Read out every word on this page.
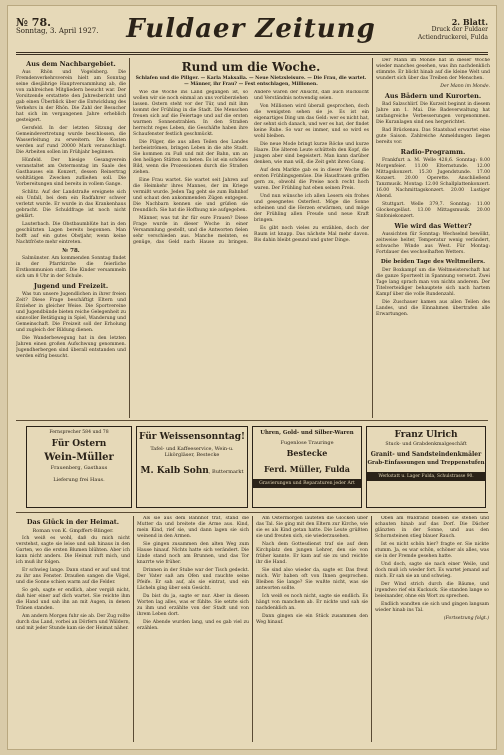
№ 78.
Sonntag, 3. April 1927.	Fuldaer Zeitung	2. Blatt.
Druck der Fuldaer Actiendruckerei, Fulda
Aus dem Nachbargebiet.

Aus Rhön und Vogelsberg. Die Fremdenverkehrsverein hielt am Sonntag seine diesjährige Hauptversammlung ab, die von zahlreichen Mitgliedern besucht war. Der Vorsitzende erstattete den Jahresbericht und gab einen Überblick über die Entwicklung des Verkehrs in der Rhön. Die Zahl der Besucher hat sich im vergangenen Jahre erheblich gesteigert.

Gersfeld. In der letzten Sitzung der Gemeindevertretung wurde beschlossen, die Wasserleitung zu erweitern. Die Kosten werden auf rund 20000 Mark veranschlagt. Die Arbeiten sollen im Frühjahr beginnen.

Hünfeld. Der hiesige Gesangverein veranstaltet am Ostermontag im Saale des Gasthauses ein Konzert, dessen Reinertrag wohltätigen Zwecken zufließen soll. Die Vorbereitungen sind bereits in vollem Gange.

Schlitz. Auf der Landstraße ereignete sich ein Unfall, bei dem ein Radfahrer schwer verletzt wurde. Er wurde in das Krankenhaus gebracht. Die Schuldfrage ist noch nicht geklärt.

Lauterbach. Die Obstbaumblüte hat in den geschützten Lagen bereits begonnen. Man hofft auf ein gutes Obstjahr, wenn keine Nachtfröste mehr eintreten.

№ 78.

Salmünster. Am kommenden Sonntag findet in der Pfarrkirche die feierliche Erstkommunion statt. Die Kinder versammeln sich um 8 Uhr in der Schule.

Jugend und Freizeit.

Was tun unsere Jugendlichen in ihrer freien Zeit? Diese Frage beschäftigt Eltern und Erzieher in gleicher Weise. Die Sportvereine und Jugendbünde bieten reiche Gelegenheit zu sinnvoller Betätigung in Spiel, Wanderung und Gemeinschaft. Die Freizeit soll der Erholung und zugleich der Bildung dienen.

Die Wanderbewegung hat in den letzten Jahren einen großen Aufschwung genommen. Jugendherbergen sind überall entstanden und werden eifrig besucht.

Rund um die Woche.
Schlafen und die Pillger. — Karla Maksalla. — Neue Nietzsleisure. — Die Frau, die wartet. — Männer, ihr Frau? — Fest entschlagen, Millionen.

Wie die Woche ins Land gegangen ist, so wollen wir sie noch einmal an uns vorüberziehen lassen. Ostern steht vor der Tür, und mit ihm kommt der Frühling in die Stadt. Die Menschen freuen sich auf die Feiertage und auf die ersten warmen Sonnenstrahlen. In den Straßen herrscht reges Leben, die Geschäfte haben ihre Schaufenster festlich geschmückt.

Die Pilger, die aus allen Teilen des Landes herbeiströmen, bringen Leben in die alte Stadt. Sie kommen zu Fuß und mit der Bahn, um an den heiligen Stätten zu beten. Es ist ein schönes Bild, wenn die Prozessionen durch die Straßen ziehen.

Eine Frau wartet. Sie wartet seit Jahren auf die Heimkehr ihres Mannes, der im Kriege vermißt wurde. Jeden Tag geht sie zum Bahnhof und schaut den ankommenden Zügen entgegen. Die Nachbarn kennen sie und grüßen sie freundlich. Sie hat die Hoffnung nie aufgegeben.

Männer, was tut ihr für eure Frauen? Diese Frage wurde in dieser Woche in einer Versammlung gestellt, und die Antworten fielen sehr verschieden aus. Manche meinten, es genüge, das Geld nach Hause zu bringen. Andere waren der Ansicht, daß auch Rücksicht und Verständnis notwendig seien.

Von Millionen wird überall gesprochen, doch die wenigsten sehen sie je. Es ist ein eigenartiges Ding um das Geld: wer es nicht hat, der sehnt sich danach, und wer es hat, der findet keine Ruhe. So war es immer, und so wird es wohl bleiben.

Die neue Mode bringt kurze Röcke und kurze Haare. Die älteren Leute schütteln den Kopf, die jungen aber sind begeistert. Man kann darüber denken, wie man will, die Zeit geht ihren Gang.

Auf dem Markte gab es in dieser Woche die ersten Frühlingsgemüse. Die Hausfrauen griffen gern zu, obwohl die Preise noch recht hoch waren. Der Frühling hat eben seinen Preis.

Und nun wünsche ich allen Lesern ein frohes und gesegnetes Osterfest. Möge die Sonne scheinen und die Herzen erwärmen, und möge der Frühling allen Freude und neue Kraft bringen.

Es gibt noch vieles zu erzählen, doch der Raum ist knapp. Das nächste Mal mehr davon. Bis dahin bleibt gesund und guter Dinge.

Der Mann im Monde hat in dieser Woche wieder manches gesehen, was ihn nachdenklich stimmte. Er blickt hinab auf die kleine Welt und wundert sich über das Treiben der Menschen.

Der Mann im Monde.
Aus Bädern und Kurorten.

Bad Salzschlirf. Die Kurzeit beginnt in diesem Jahre am 1. Mai. Die Badeverwaltung hat umfangreiche Verbesserungen vorgenommen. Die Kuranlagen sind neu hergerichtet.

Bad Brückenau. Das Staatsbad erwartet eine gute Saison. Zahlreiche Anmeldungen liegen bereits vor.

Radio-Programm.

Frankfurt a. M. Welle 428,6. Sonntag: 8.00 Morgenfeier. 11.00 Elternstunde. 12.00 Mittagskonzert. 15.30 Jugendstunde. 17.00 Konzert. 20.00 Operette. Anschließend Tanzmusik. Montag: 12.00 Schallplattenkonzert. 16.00 Nachmittagskonzert. 20.00 Lustiger Abend.

Stuttgart. Welle 379,7. Sonntag: 11.00 Glockengeläut. 13.00 Mittagsmusik. 20.00 Sinfoniekonzert.

Wie wird das Wetter?

Aussichten für Sonntag: Wechselnd bewölkt, zeitweise heiter, Temperatur wenig verändert, schwache Winde aus West. Für Montag: Fortdauer des wechselhaften Wetters.

Die beiden Tage des Weltmeilers.

Der Boxkampf um die Weltmeisterschaft hat die ganze Sportwelt in Spannung versetzt. Zwei Tage lang sprach man von nichts anderem. Der Titelverteidiger behauptete sich nach hartem Kampf über die volle Rundenzahl.

Die Zuschauer kamen aus allen Teilen des Landes, und die Einnahmen übertrafen alle Erwartungen.

Fernsprecher 584 und 78
Für Ostern
Wein-Müller
Frauenberg, Gasthaus
Lieferung frei Haus.
Für Weissensonntag!
Tafel- und Kaffeeservice, Wein-u. Likörgläser, Bestecke
M. Kalb Sohn, Buttermarkt
Uhren, Gold- und Silber-Waren
Fugenlose Trauringe
Bestecke
Ferd. Müller, Fulda
Gravierungen und Reparaturen jeder Art
Franz Ulrich
Stuck- und Grabdenkmalgeschäft
Granit- und Sandsteindenkmäler
Grab-Einfassungen und Treppenstufen
Werkstatt u. Lager Fulda, Schulstrasse 90.
Das Glück in der Heimat.
Roman von K. Gmpffert-Blinger.

Ich weiß es wohl, daß du mich nicht verstehst, sagte sie leise und sah hinaus in den Garten, wo die ersten Blumen blühten. Aber ich kann nicht anders. Die Heimat ruft mich, und ich muß ihr folgen.

Er schwieg lange. Dann stand er auf und trat zu ihr ans Fenster. Draußen sangen die Vögel, und die Sonne schien warm auf die Felder.

So geh, sagte er endlich, aber vergiß nicht, daß hier einer auf dich wartet. Sie reichte ihm die Hand und sah ihn an mit Augen, in denen Tränen standen.

Am andern Morgen fuhr sie ab. Der Zug rollte durch das Land, vorbei an Dörfern und Wäldern, und mit jeder Stunde kam sie der Heimat näher.

Als sie aus dem Bahnhof trat, stand die Mutter da und breitete die Arme aus. Kind, mein Kind, rief sie, und dann lagen sie sich weinend in den Armen.

Sie gingen zusammen den alten Weg zum Hause hinauf. Nichts hatte sich verändert. Die Linde stand noch am Brunnen, und das Tor knarrte wie früher.

Drinnen in der Stube war der Tisch gedeckt. Der Vater saß am Ofen und rauchte seine Pfeife. Er sah auf, als sie eintrat, und ein Lächeln ging über sein Gesicht.

Da bist du ja, sagte er nur. Aber in diesen Worten lag alles, was er fühlte. Sie setzte sich zu ihm und erzählte von der Stadt und von ihrem Leben dort.

Die Abende wurden lang, und es gab viel zu erzählen.

Am Ostermorgen läuteten die Glocken über das Tal. Sie ging mit den Eltern zur Kirche, wie sie es als Kind getan hatte. Die Leute grüßten sie und freuten sich, sie wiederzusehen.

Nach dem Gottesdienst traf sie auf dem Kirchplatz den jungen Lehrer, den sie von früher kannte. Er kam auf sie zu und reichte ihr die Hand.

Sie sind also wieder da, sagte er. Das freut mich. Wir haben oft von Ihnen gesprochen. Bleiben Sie lange? Sie wußte nicht, was sie antworten sollte.

Ich weiß es noch nicht, sagte sie endlich. Es hängt von manchem ab. Er nickte und sah sie nachdenklich an.

Dann gingen sie ein Stück zusammen den Weg hinauf.

Oben am Waldrand blieben sie stehen und schauten hinab auf das Dorf. Die Dächer glänzten in der Sonne, und aus den Schornsteinen stieg blauer Rauch.

Ist es nicht schön hier? fragte er. Sie nickte stumm. Ja, es war schön, schöner als alles, was sie in der Fremde gesehen hatte.

Und doch, sagte sie nach einer Weile, und doch muß ich wieder fort. Es wartet jemand auf mich. Er sah sie an und schwieg.

Der Wind strich durch die Bäume, und irgendwo rief ein Kuckuck. Sie standen lange so beieinander, ohne ein Wort zu sprechen.

Endlich wandten sie sich und gingen langsam wieder hinab ins Tal.

(Fortsetzung folgt.)
